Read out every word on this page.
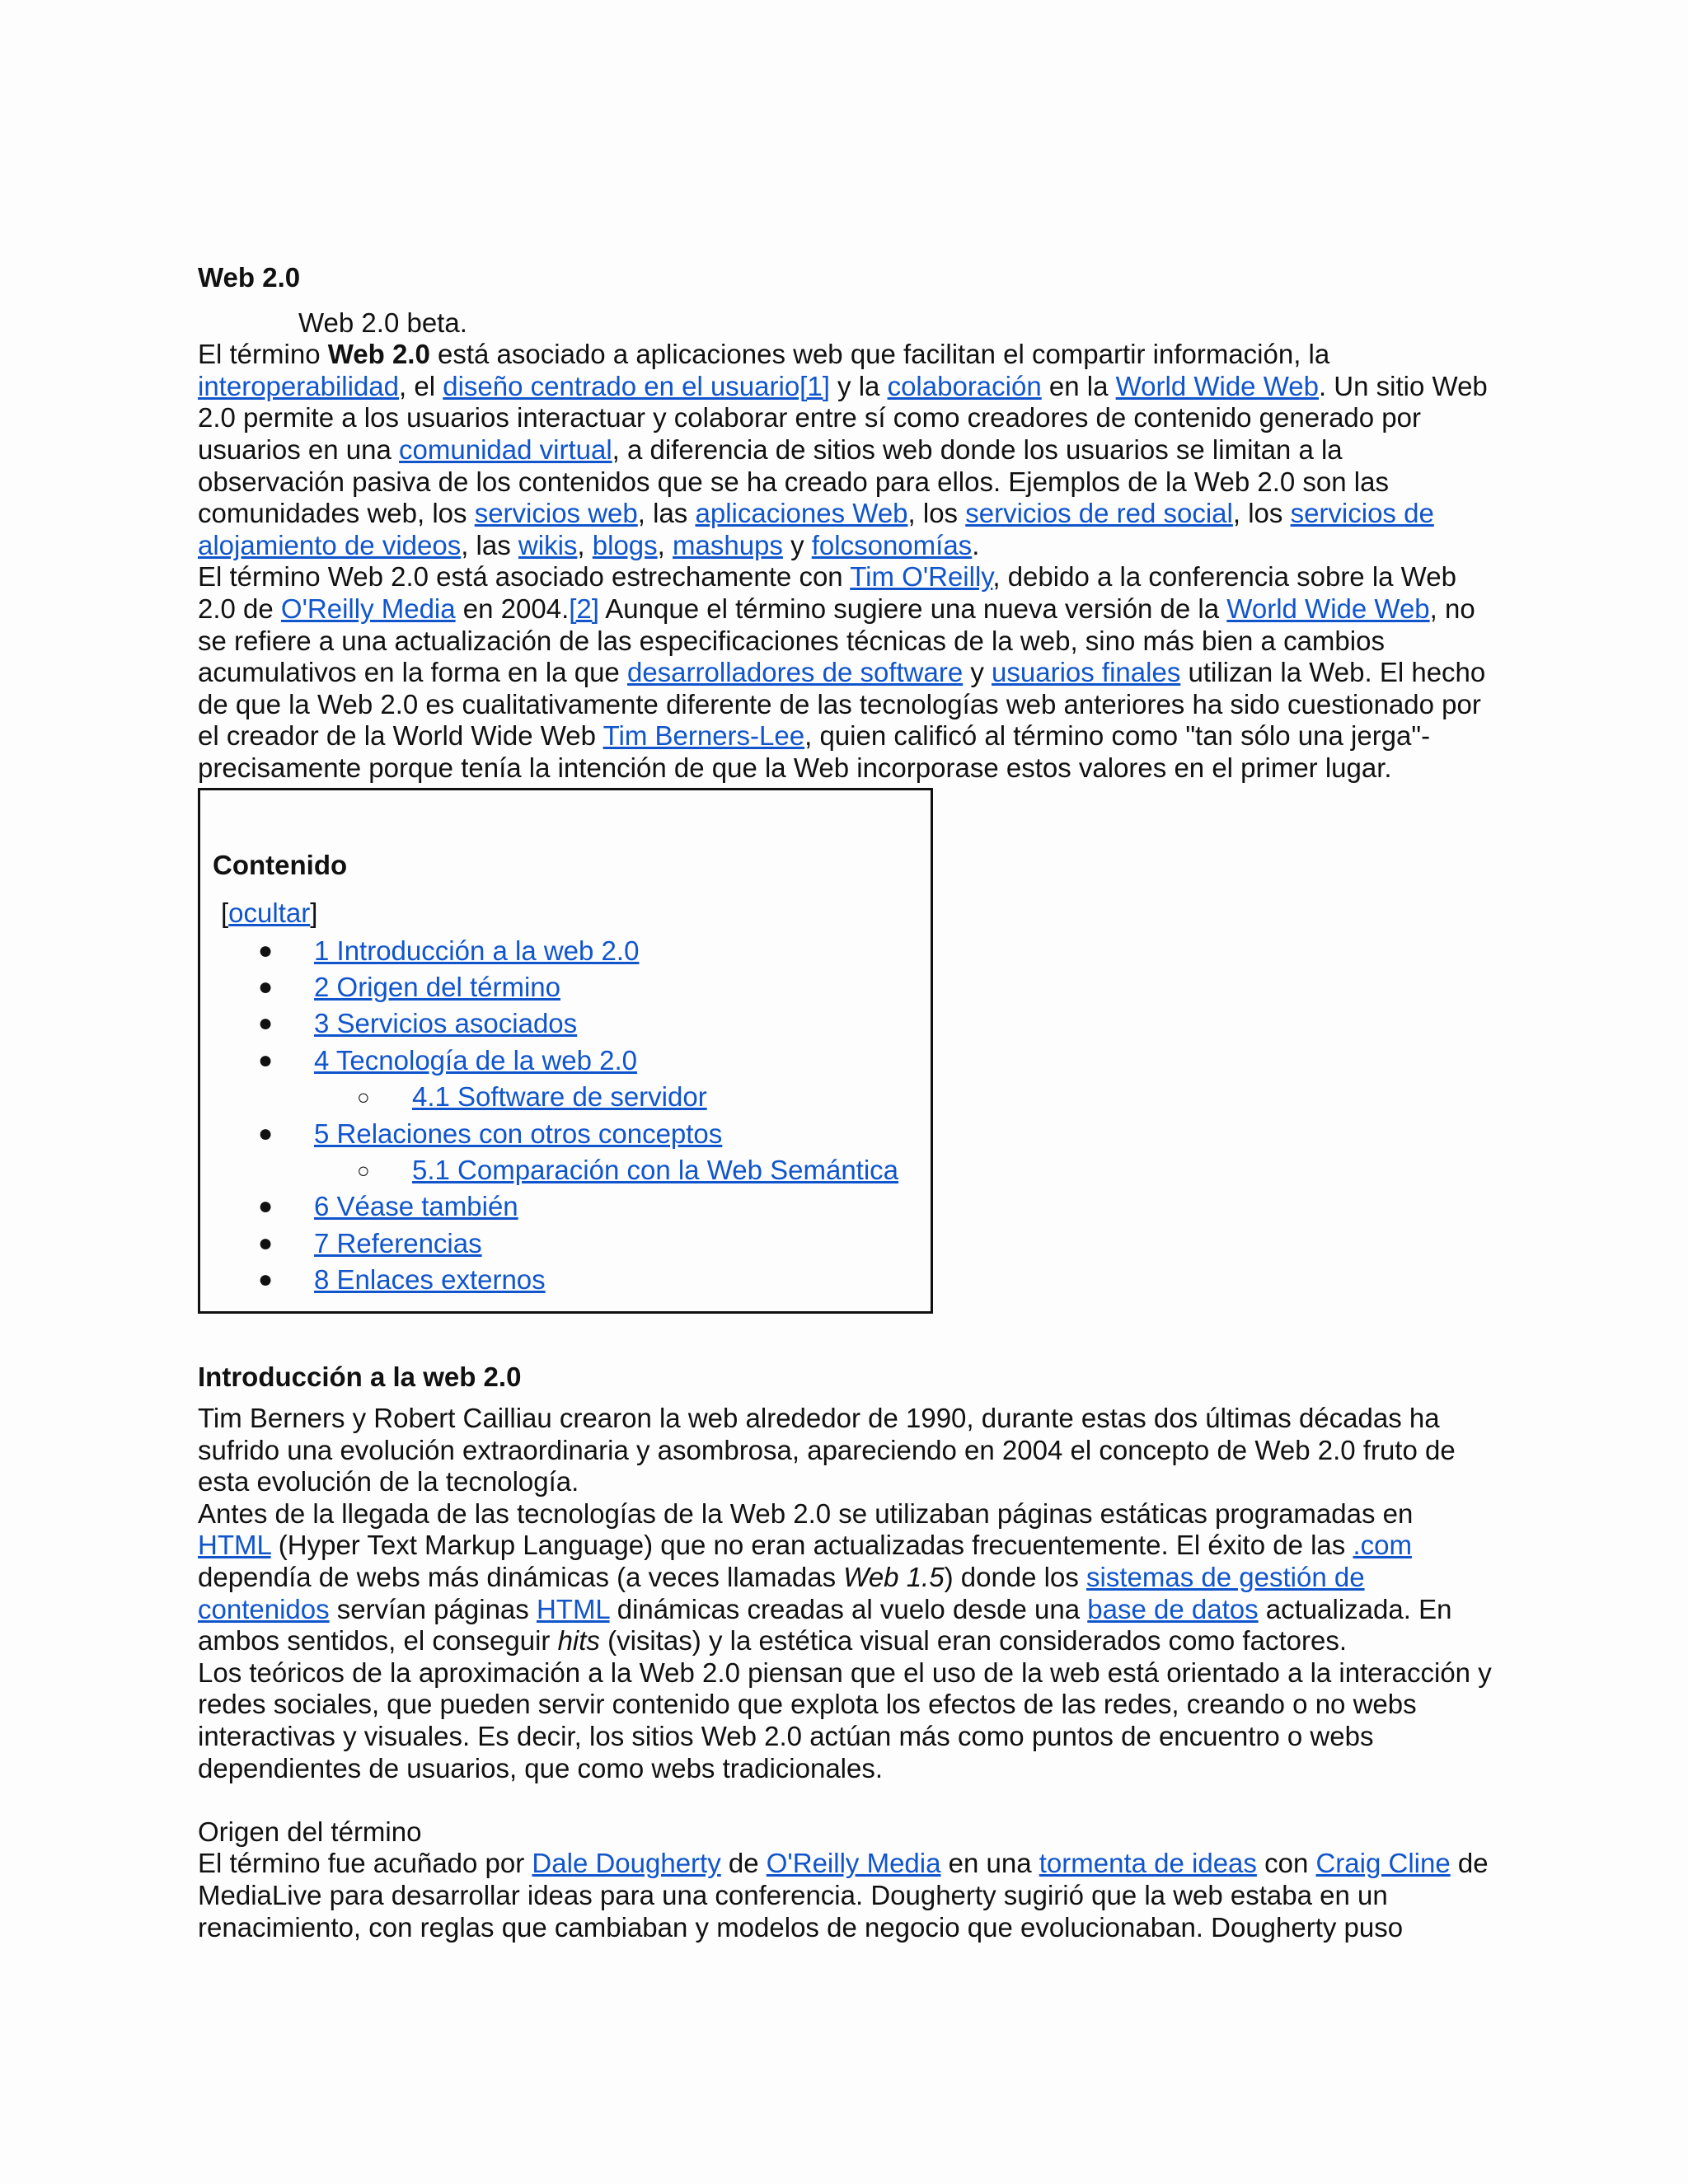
Web 2.0
Web 2.0 beta.

El término Web 2.0 está asociado a aplicaciones web que facilitan el compartir información, la interoperabilidad, el diseño centrado en el usuario[1] y la colaboración en la World Wide Web. Un sitio Web 2.0 permite a los usuarios interactuar y colaborar entre sí como creadores de contenido generado por usuarios en una comunidad virtual, a diferencia de sitios web donde los usuarios se limitan a la observación pasiva de los contenidos que se ha creado para ellos. Ejemplos de la Web 2.0 son las comunidades web, los servicios web, las aplicaciones Web, los servicios de red social, los servicios de alojamiento de videos, las wikis, blogs, mashups y folcsonomías.

El término Web 2.0 está asociado estrechamente con Tim O'Reilly, debido a la conferencia sobre la Web 2.0 de O'Reilly Media en 2004.[2] Aunque el término sugiere una nueva versión de la World Wide Web, no se refiere a una actualización de las especificaciones técnicas de la web, sino más bien a cambios acumulativos en la forma en la que desarrolladores de software y usuarios finales utilizan la Web. El hecho de que la Web 2.0 es cualitativamente diferente de las tecnologías web anteriores ha sido cuestionado por el creador de la World Wide Web Tim Berners-Lee, quien calificó al término como "tan sólo una jerga"- precisamente porque tenía la intención de que la Web incorporase estos valores en el primer lugar.

Contenido
[ocultar]
● 1 Introducción a la web 2.0
● 2 Origen del término
● 3 Servicios asociados
● 4 Tecnología de la web 2.0
○ 4.1 Software de servidor
● 5 Relaciones con otros conceptos
○ 5.1 Comparación con la Web Semántica
● 6 Véase también
● 7 Referencias
● 8 Enlaces externos
Introducción a la web 2.0

Tim Berners y Robert Cailliau crearon la web alrededor de 1990, durante estas dos últimas décadas ha sufrido una evolución extraordinaria y asombrosa, apareciendo en 2004 el concepto de Web 2.0 fruto de esta evolución de la tecnología.

Antes de la llegada de las tecnologías de la Web 2.0 se utilizaban páginas estáticas programadas en HTML (Hyper Text Markup Language) que no eran actualizadas frecuentemente. El éxito de las .com dependía de webs más dinámicas (a veces llamadas Web 1.5) donde los sistemas de gestión de contenidos servían páginas HTML dinámicas creadas al vuelo desde una base de datos actualizada. En ambos sentidos, el conseguir hits (visitas) y la estética visual eran considerados como factores.

Los teóricos de la aproximación a la Web 2.0 piensan que el uso de la web está orientado a la interacción y redes sociales, que pueden servir contenido que explota los efectos de las redes, creando o no webs interactivas y visuales. Es decir, los sitios Web 2.0 actúan más como puntos de encuentro o webs dependientes de usuarios, que como webs tradicionales.

Origen del término

El término fue acuñado por Dale Dougherty de O'Reilly Media en una tormenta de ideas con Craig Cline de MediaLive para desarrollar ideas para una conferencia. Dougherty sugirió que la web estaba en un renacimiento, con reglas que cambiaban y modelos de negocio que evolucionaban. Dougherty puso
